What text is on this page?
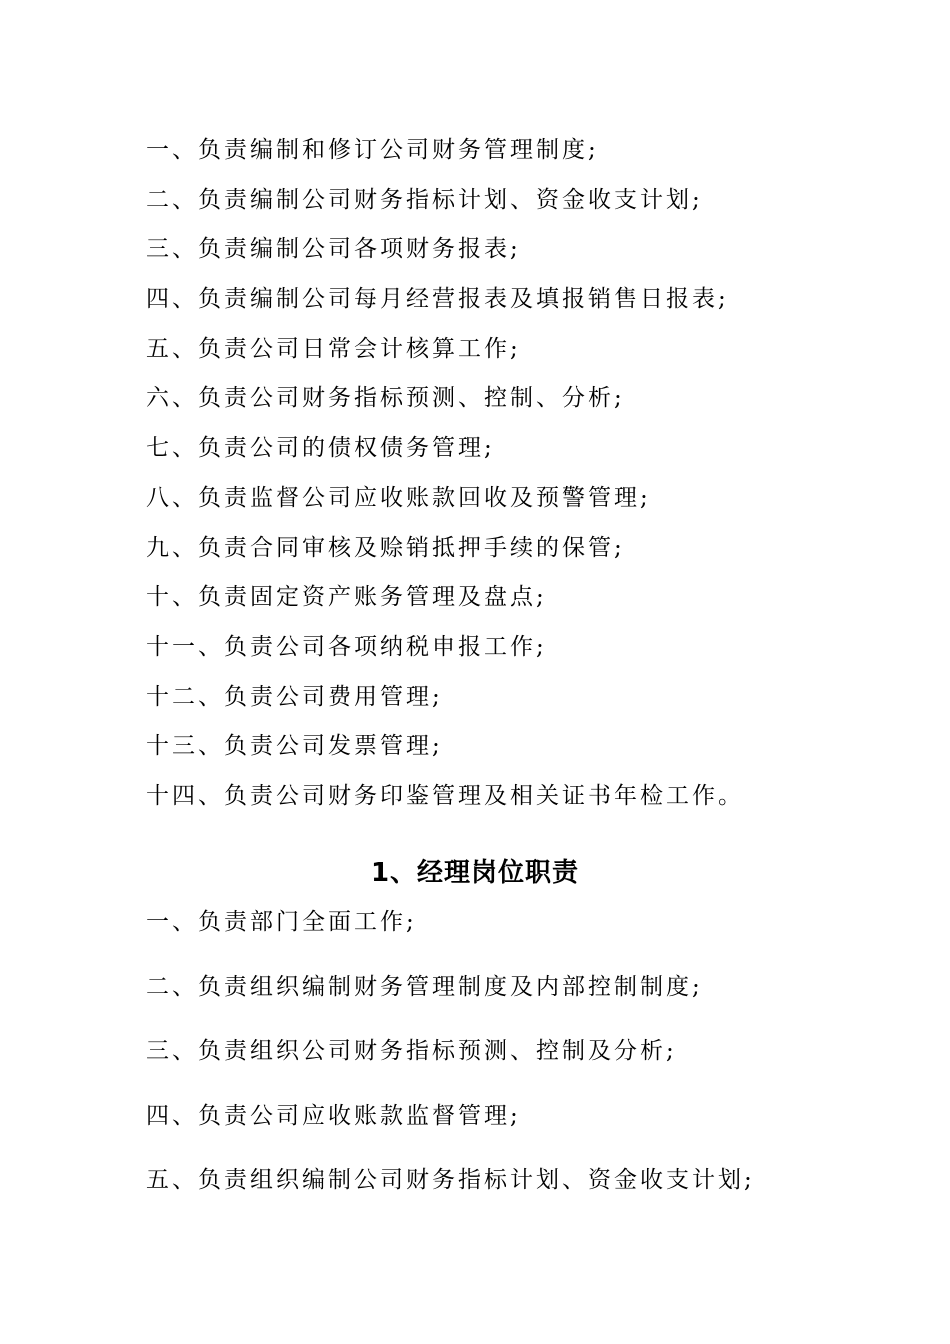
一、负责编制和修订公司财务管理制度;
二、负责编制公司财务指标计划、资金收支计划;
三、负责编制公司各项财务报表;
四、负责编制公司每月经营报表及填报销售日报表;
五、负责公司日常会计核算工作;
六、负责公司财务指标预测、控制、分析;
七、负责公司的债权债务管理;
八、负责监督公司应收账款回收及预警管理;
九、负责合同审核及赊销抵押手续的保管;
十、负责固定资产账务管理及盘点;
十一、负责公司各项纳税申报工作;
十二、负责公司费用管理;
十三、负责公司发票管理;
十四、负责公司财务印鉴管理及相关证书年检工作。
1、经理岗位职责
一、负责部门全面工作;
二、负责组织编制财务管理制度及内部控制制度;
三、负责组织公司财务指标预测、控制及分析;
四、负责公司应收账款监督管理;
五、负责组织编制公司财务指标计划、资金收支计划;
